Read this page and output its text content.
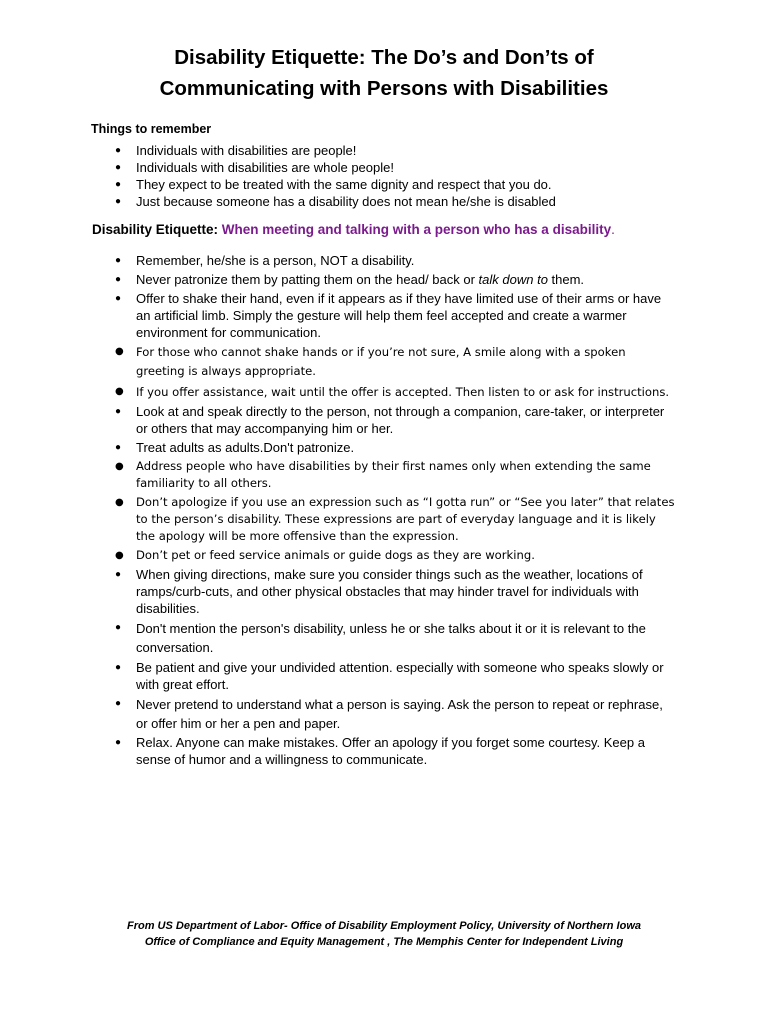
Disability Etiquette: The Do’s and Don’ts of
Communicating with Persons with Disabilities
Things to remember
● Individuals with disabilities are people!
● Individuals with disabilities are whole people!
● They expect to be treated with the same dignity and respect that you do.
● Just because someone has a disability does not mean he/she is disabled
Disability Etiquette: When meeting and talking with a person who has a disability.
● Remember, he/she is a person, NOT a disability.
● Never patronize them by patting them on the head/ back or talk down to them.
● Offer to shake their hand, even if it appears as if they have limited use of their arms or have an artificial limb. Simply the gesture will help them feel accepted and create a warmer environment for communication.
● For those who cannot shake hands or if you’re not sure, A smile along with a spoken greeting is always appropriate.
● If you offer assistance, wait until the offer is accepted. Then listen to or ask for instructions.
● Look at and speak directly to the person, not through a companion, care-taker, or interpreter or others that may accompanying him or her.
● Treat adults as adults.Don't patronize.
● Address people who have disabilities by their first names only when extending the same familiarity to all others.
● Don’t apologize if you use an expression such as “I gotta run” or “See you later” that relates to the person’s disability. These expressions are part of everyday language and it is likely the apology will be more offensive than the expression.
● Don’t pet or feed service animals or guide dogs as they are working.
● When giving directions, make sure you consider things such as the weather, locations of ramps/curb-cuts, and other physical obstacles that may hinder travel for individuals with disabilities.
● Don't mention the person's disability, unless he or she talks about it or it is relevant to the conversation.
● Be patient and give your undivided attention. especially with someone who speaks slowly or with great effort.
● Never pretend to understand what a person is saying. Ask the person to repeat or rephrase, or offer him or her a pen and paper.
● Relax. Anyone can make mistakes. Offer an apology if you forget some courtesy. Keep a sense of humor and a willingness to communicate.
From US Department of Labor- Office of Disability Employment Policy, University of Northern Iowa
Office of Compliance and Equity Management , The Memphis Center for Independent Living
